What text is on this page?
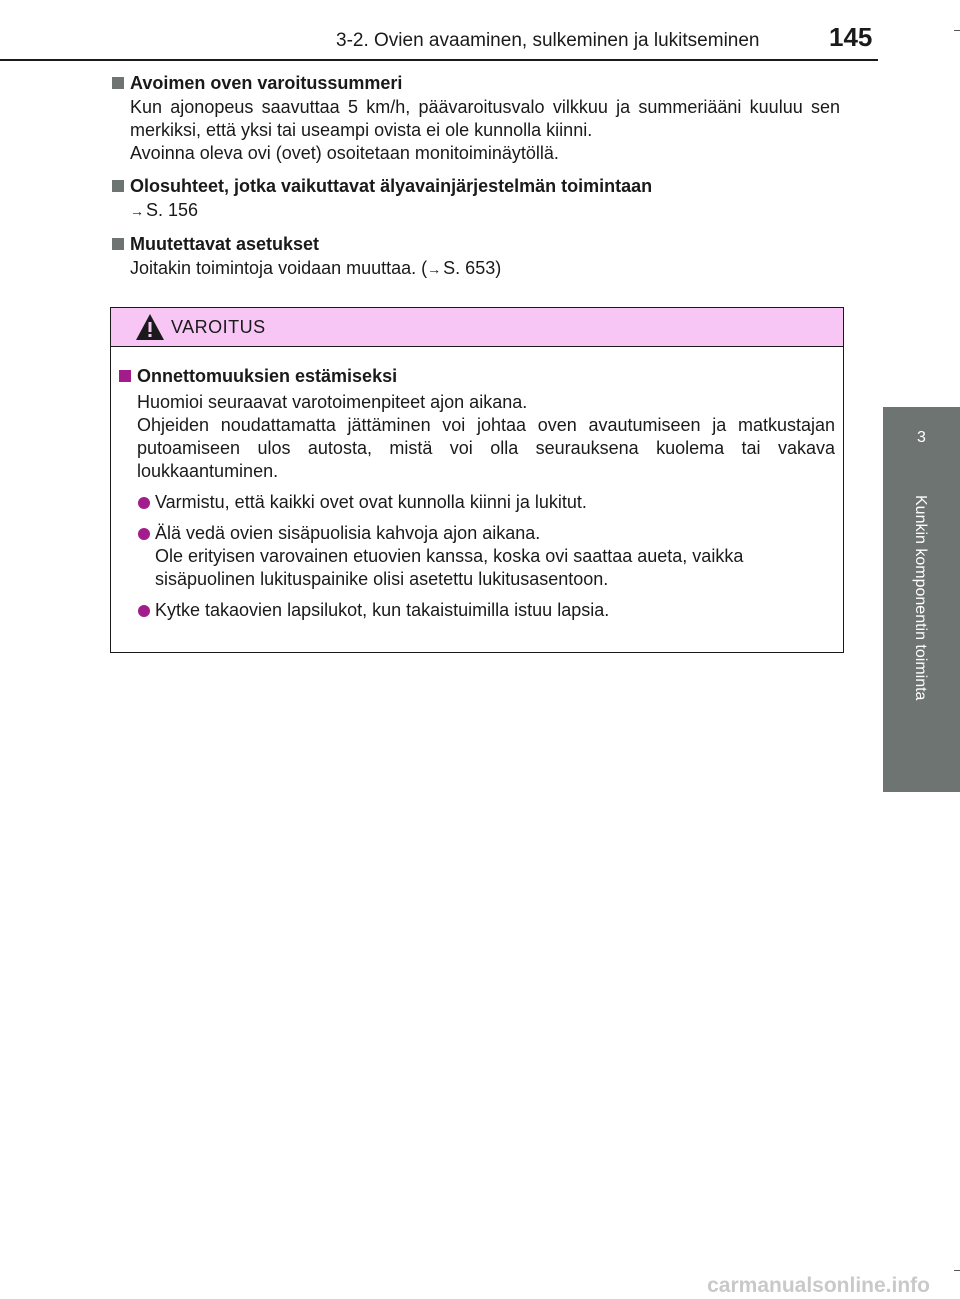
3-2. Ovien avaaminen, sulkeminen ja lukitseminen	145
3
Kunkin komponentin toiminta
Avoimen oven varoitussummeri

Kun ajonopeus saavuttaa 5 km/h, päävaroitusvalo vilkkuu ja summeriääni kuuluu sen merkiksi, että yksi tai useampi ovista ei ole kunnolla kiinni.

Avoinna oleva ovi (ovet) osoitetaan monitoiminäytöllä.

Olosuhteet, jotka vaikuttavat älyavainjärjestelmän toimintaan
→ S. 156
Muutettavat asetukset
Joitakin toimintoja voidaan muuttaa. (→ S. 653)
VAROITUS
Onnettomuuksien estämiseksi

Huomioi seuraavat varotoimenpiteet ajon aikana.

Ohjeiden noudattamatta jättäminen voi johtaa oven avautumiseen ja matkustajan putoamiseen ulos autosta, mistä voi olla seurauksena kuolema tai vakava loukkaantuminen.

Varmistu, että kaikki ovet ovat kunnolla kiinni ja lukitut.

Älä vedä ovien sisäpuolisia kahvoja ajon aikana.

Ole erityisen varovainen etuovien kanssa, koska ovi saattaa aueta, vaikka sisäpuolinen lukituspainike olisi asetettu lukitusasentoon.

Kytke takaovien lapsilukot, kun takaistuimilla istuu lapsia.

carmanualsonline.info
